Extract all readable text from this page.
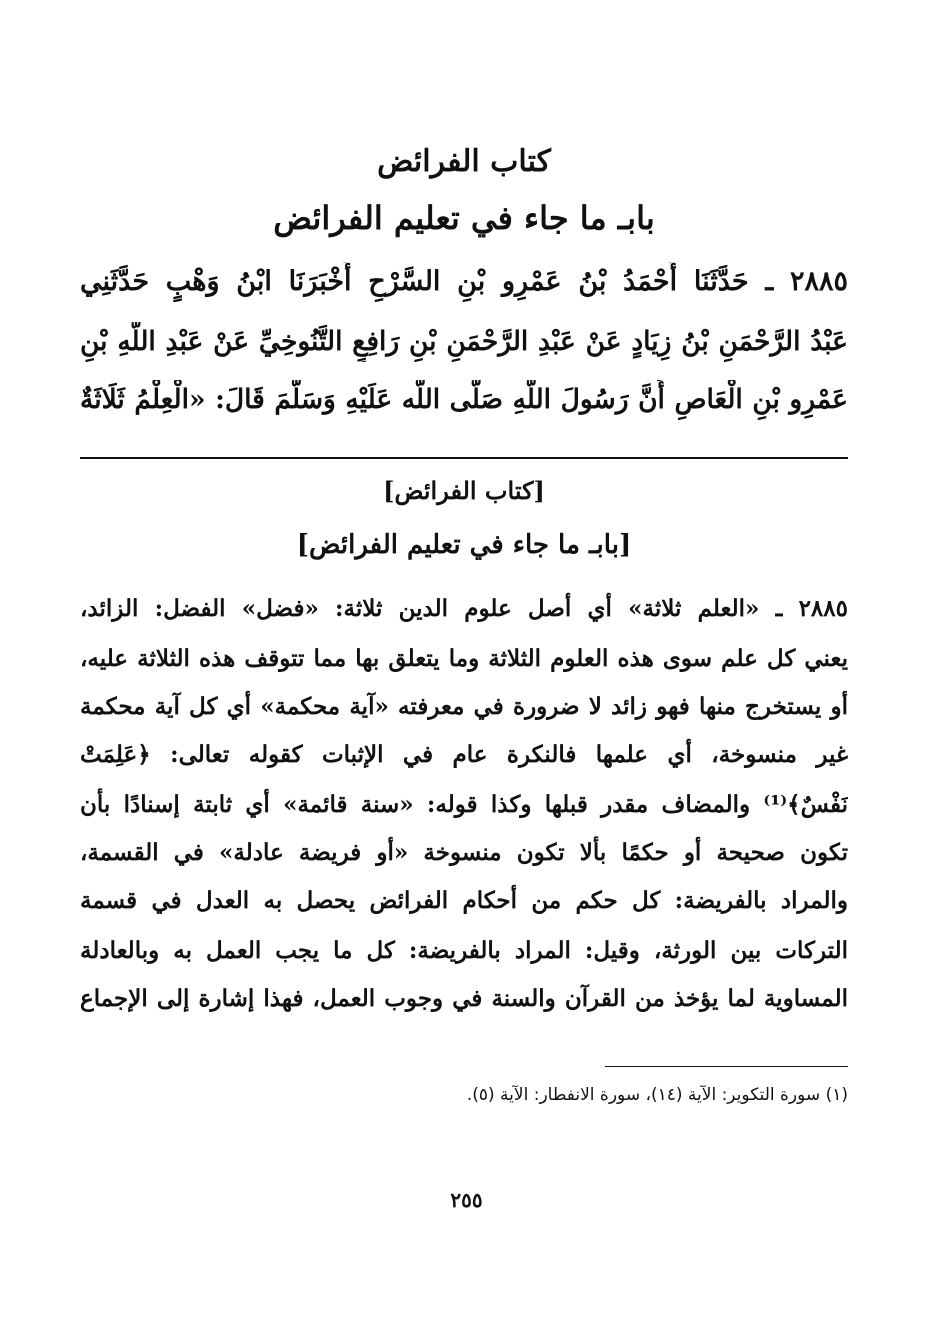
كتاب الفرائض
بابـ ما جاء في تعليم الفرائض
٢٨٨٥ ـ حَدَّثَنَا أَحْمَدُ بْنُ عَمْرِو بْنِ السَّرْحِ أَخْبَرَنَا ابْنُ وَهْبٍ حَدَّثَنِي
عَبْدُ الرَّحْمَنِ بْنُ زِيَادٍ عَنْ عَبْدِ الرَّحْمَنِ بْنِ رَافِعٍ التَّنُوخِيِّ عَنْ عَبْدِ اللَّهِ بْنِ
عَمْرِو بْنِ الْعَاصِ أَنَّ رَسُولَ اللَّهِ صَلَّى اللَّه عَلَيْهِ وَسَلَّمَ قَالَ: «الْعِلْمُ ثَلَاثَةٌ
[كتاب الفرائض]
[بابـ ما جاء في تعليم الفرائض]
٢٨٨٥ ـ «العلم ثلاثة» أي أصل علوم الدين ثلاثة: «فضل» الفضل: الزائد،
يعني كل علم سوى هذه العلوم الثلاثة وما يتعلق بها مما تتوقف هذه الثلاثة عليه،
أو يستخرج منها فهو زائد لا ضرورة في معرفته «آية محكمة» أي كل آية محكمة
غير منسوخة، أي علمها فالنكرة عام في الإثبات كقوله تعالى: ﴿عَلِمَتْ
نَفْسٌ﴾⁽¹⁾ والمضاف مقدر قبلها وكذا قوله: «سنة قائمة» أي ثابتة إسنادًا بأن
تكون صحيحة أو حكمًا بألا تكون منسوخة «أو فريضة عادلة» في القسمة،
والمراد بالفريضة: كل حكم من أحكام الفرائض يحصل به العدل في قسمة
التركات بين الورثة، وقيل: المراد بالفريضة: كل ما يجب العمل به وبالعادلة
المساوية لما يؤخذ من القرآن والسنة في وجوب العمل، فهذا إشارة إلى الإجماع
(١) سورة التكوير: الآية (١٤)، سورة الانفطار: الآية (٥).
٢٥٥
